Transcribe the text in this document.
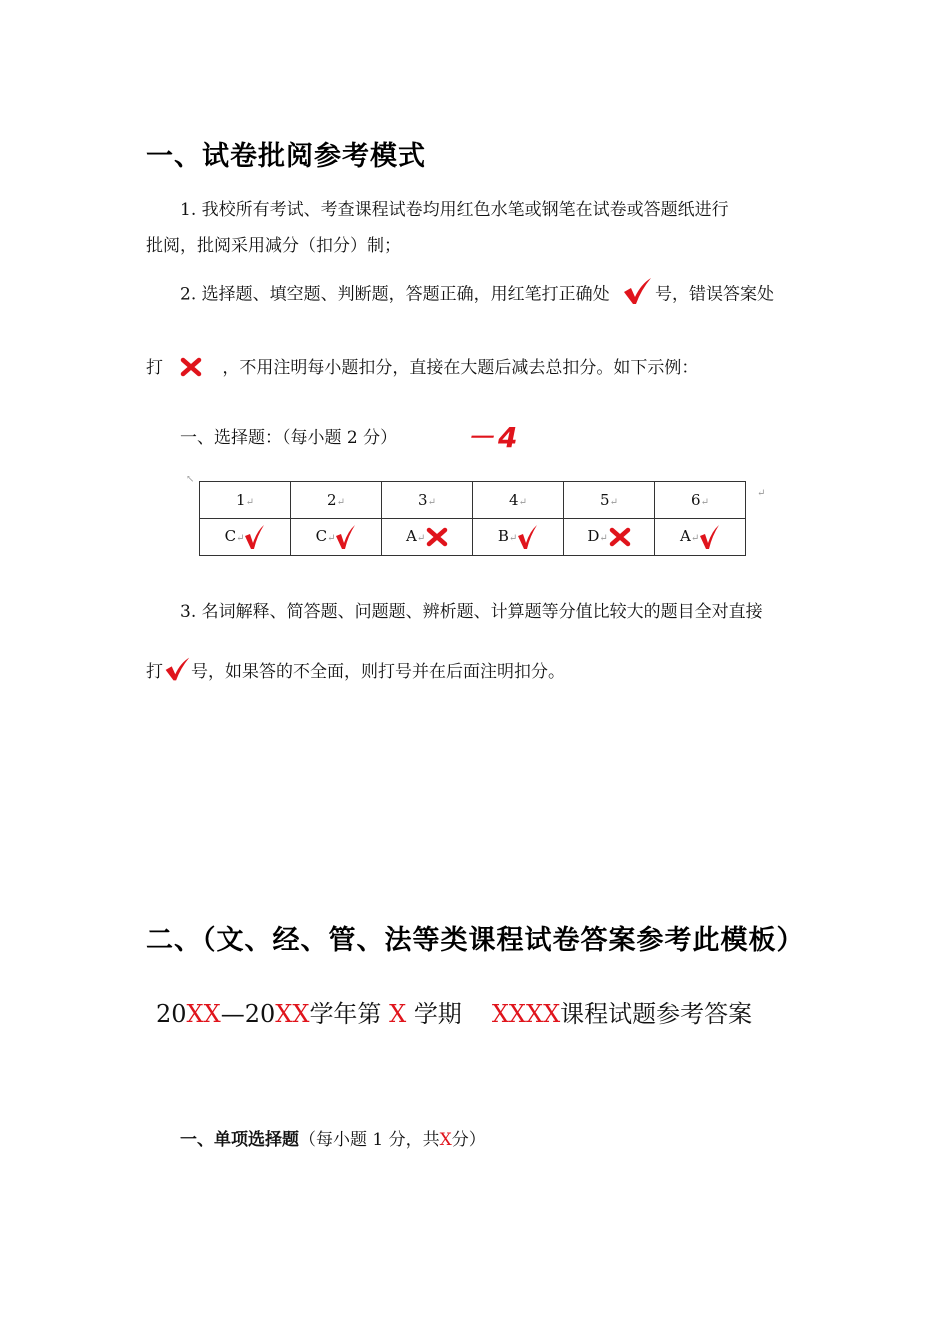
一、试卷批阅参考模式
1. 我校所有考试、考查课程试卷均用红色水笔或钢笔在试卷或答题纸进行
批阅，批阅采用减分（扣分）制；
2. 选择题、填空题、判断题，答题正确，用红笔打正确处	号，错误答案处
打	，不用注明每小题扣分，直接在大题后减去总扣分。如下示例：
一、选择题：（每小题 2 分） －4
↖
↵
1↵	2↵	3↵	4↵	5↵	6↵
C↵	C↵	A↵	B↵	D↵	A↵
3. 名词解释、简答题、问题题、辨析题、计算题等分值比较大的题目全对直接
打 号，如果答的不全面，则打号并在后面注明扣分。
二、（文、经、管、法等类课程试卷答案参考此模板）
20XX—20XX学年第 X 学期 XXXX课程试题参考答案
一、单项选择题（每小题 1 分，共X分）
